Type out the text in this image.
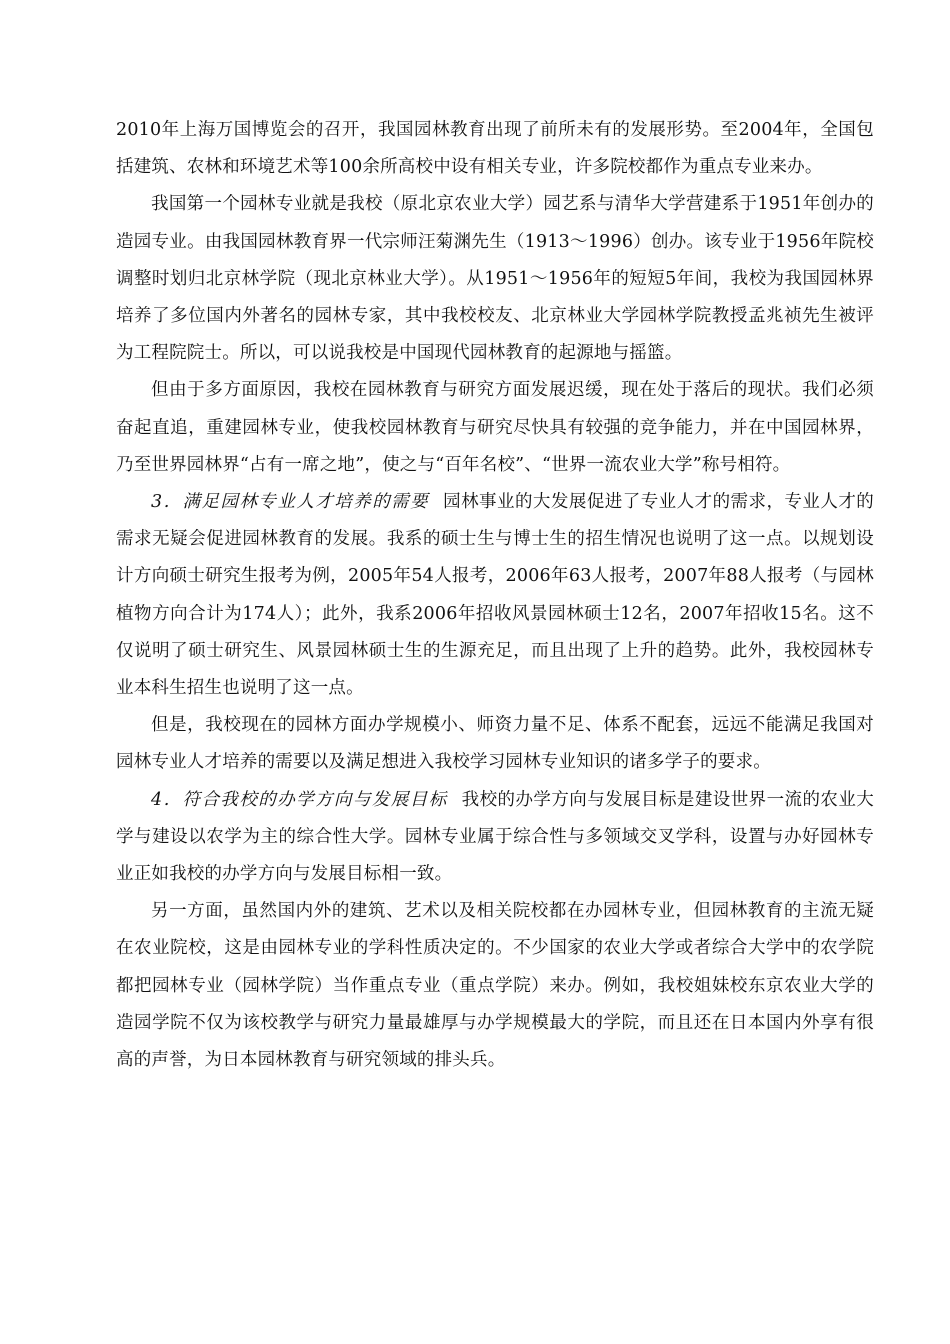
2010年上海万国博览会的召开，我国园林教育出现了前所未有的发展形势。至2004年，全国包括建筑、农林和环境艺术等100余所高校中设有相关专业，许多院校都作为重点专业来办。

我国第一个园林专业就是我校（原北京农业大学）园艺系与清华大学营建系于1951年创办的造园专业。由我国园林教育界一代宗师汪菊渊先生（1913～1996）创办。该专业于1956年院校调整时划归北京林学院（现北京林业大学）。从1951～1956年的短短5年间，我校为我国园林界培养了多位国内外著名的园林专家，其中我校校友、北京林业大学园林学院教授孟兆祯先生被评为工程院院士。所以，可以说我校是中国现代园林教育的起源地与摇篮。

但由于多方面原因，我校在园林教育与研究方面发展迟缓，现在处于落后的现状。我们必须奋起直追，重建园林专业，使我校园林教育与研究尽快具有较强的竞争能力，并在中国园林界，乃至世界园林界“占有一席之地”，使之与“百年名校”、“世界一流农业大学”称号相符。

3．满足园林专业人才培养的需要 园林事业的大发展促进了专业人才的需求，专业人才的需求无疑会促进园林教育的发展。我系的硕士生与博士生的招生情况也说明了这一点。以规划设计方向硕士研究生报考为例，2005年54人报考，2006年63人报考，2007年88人报考（与园林植物方向合计为174人）；此外，我系2006年招收风景园林硕士12名，2007年招收15名。这不仅说明了硕士研究生、风景园林硕士生的生源充足，而且出现了上升的趋势。此外，我校园林专业本科生招生也说明了这一点。

但是，我校现在的园林方面办学规模小、师资力量不足、体系不配套，远远不能满足我国对园林专业人才培养的需要以及满足想进入我校学习园林专业知识的诸多学子的要求。

4．符合我校的办学方向与发展目标 我校的办学方向与发展目标是建设世界一流的农业大学与建设以农学为主的综合性大学。园林专业属于综合性与多领域交叉学科，设置与办好园林专业正如我校的办学方向与发展目标相一致。

另一方面，虽然国内外的建筑、艺术以及相关院校都在办园林专业，但园林教育的主流无疑在农业院校，这是由园林专业的学科性质决定的。不少国家的农业大学或者综合大学中的农学院都把园林专业（园林学院）当作重点专业（重点学院）来办。例如，我校姐妹校东京农业大学的造园学院不仅为该校教学与研究力量最雄厚与办学规模最大的学院，而且还在日本国内外享有很高的声誉，为日本园林教育与研究领域的排头兵。
